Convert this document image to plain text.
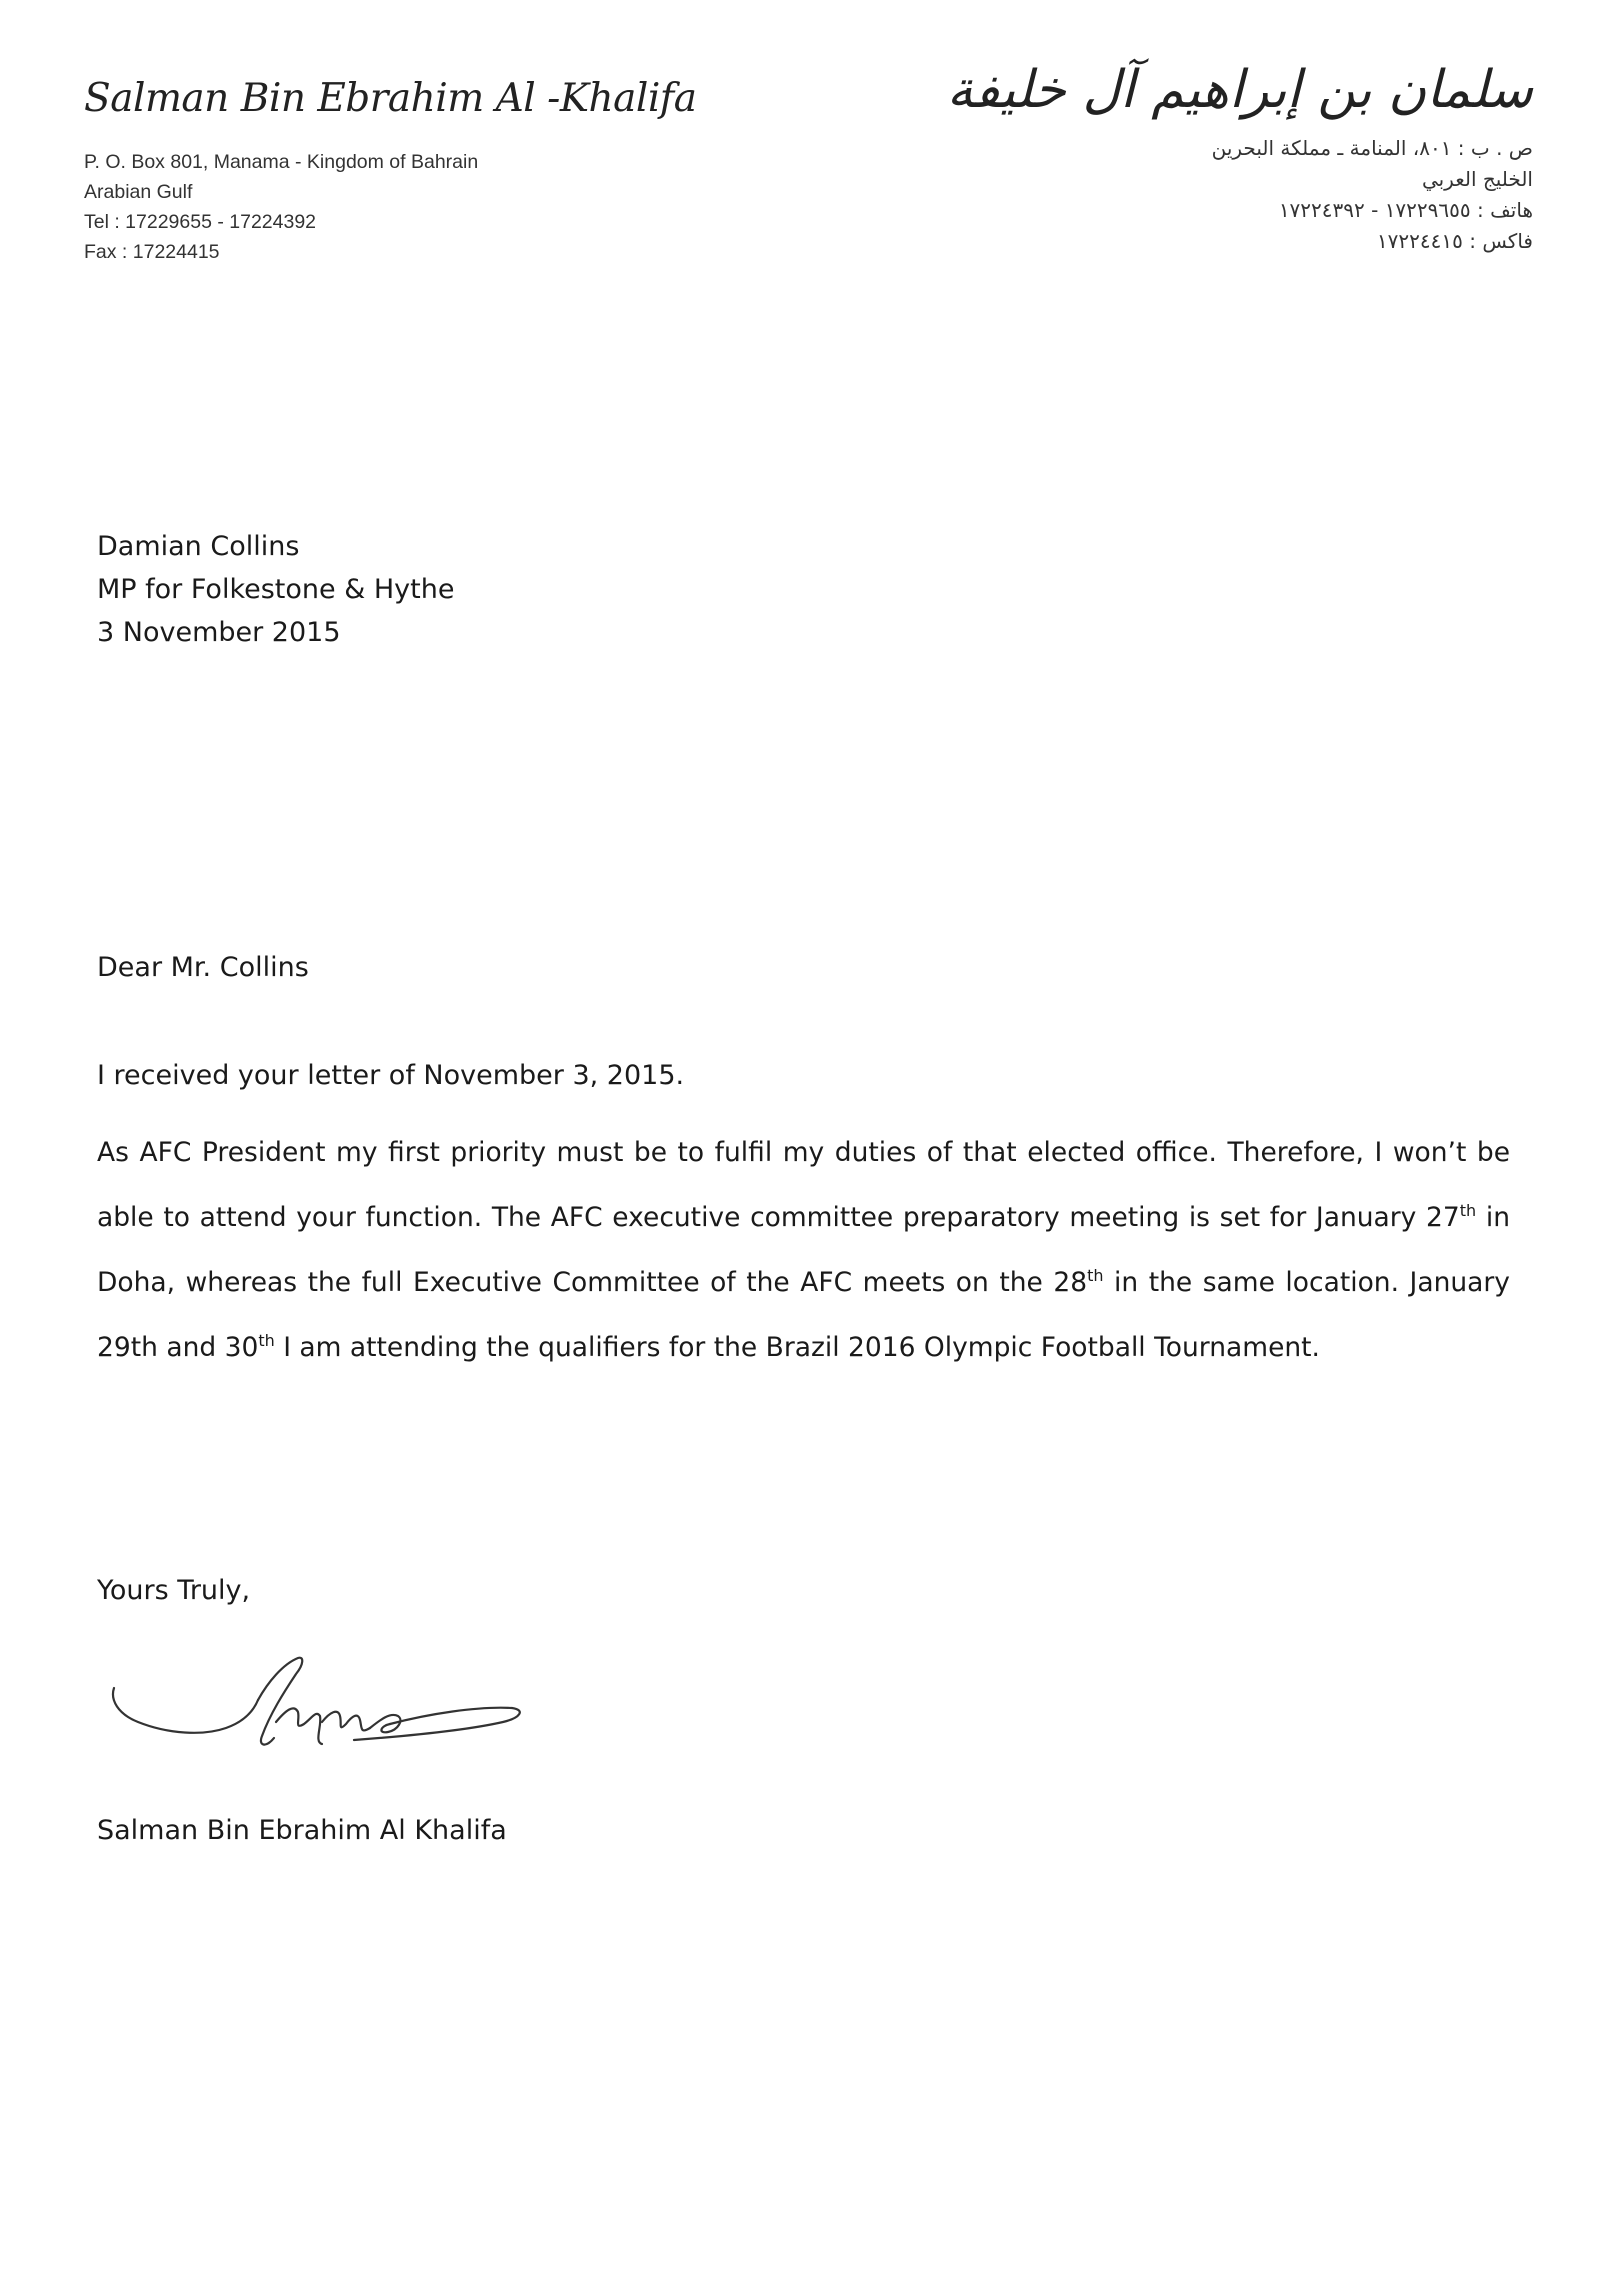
Salman Bin Ebrahim Al -Khalifa
P. O. Box 801, Manama - Kingdom of Bahrain
Arabian Gulf
Tel : 17229655 - 17224392
Fax : 17224415
سلمان بن إبراهيم آل خليفة
ص . ب : ٨٠١، المنامة ـ مملكة البحرين
الخليج العربي
هاتف : ١٧٢٢٩٦٥٥ - ١٧٢٢٤٣٩٢
فاكس : ١٧٢٢٤٤١٥
Damian Collins
MP for Folkestone & Hythe
3 November 2015
Dear Mr. Collins
I received your letter of November 3, 2015.
As AFC President my first priority must be to fulfil my duties of that elected office. Therefore, I won’t be able to attend your function. The AFC executive committee preparatory meeting is set for January 27th in Doha, whereas the full Executive Committee of the AFC meets on the 28th in the same location. January 29th and 30th I am attending the qualifiers for the Brazil 2016 Olympic Football Tournament.
Yours Truly,
Salman Bin Ebrahim Al Khalifa
